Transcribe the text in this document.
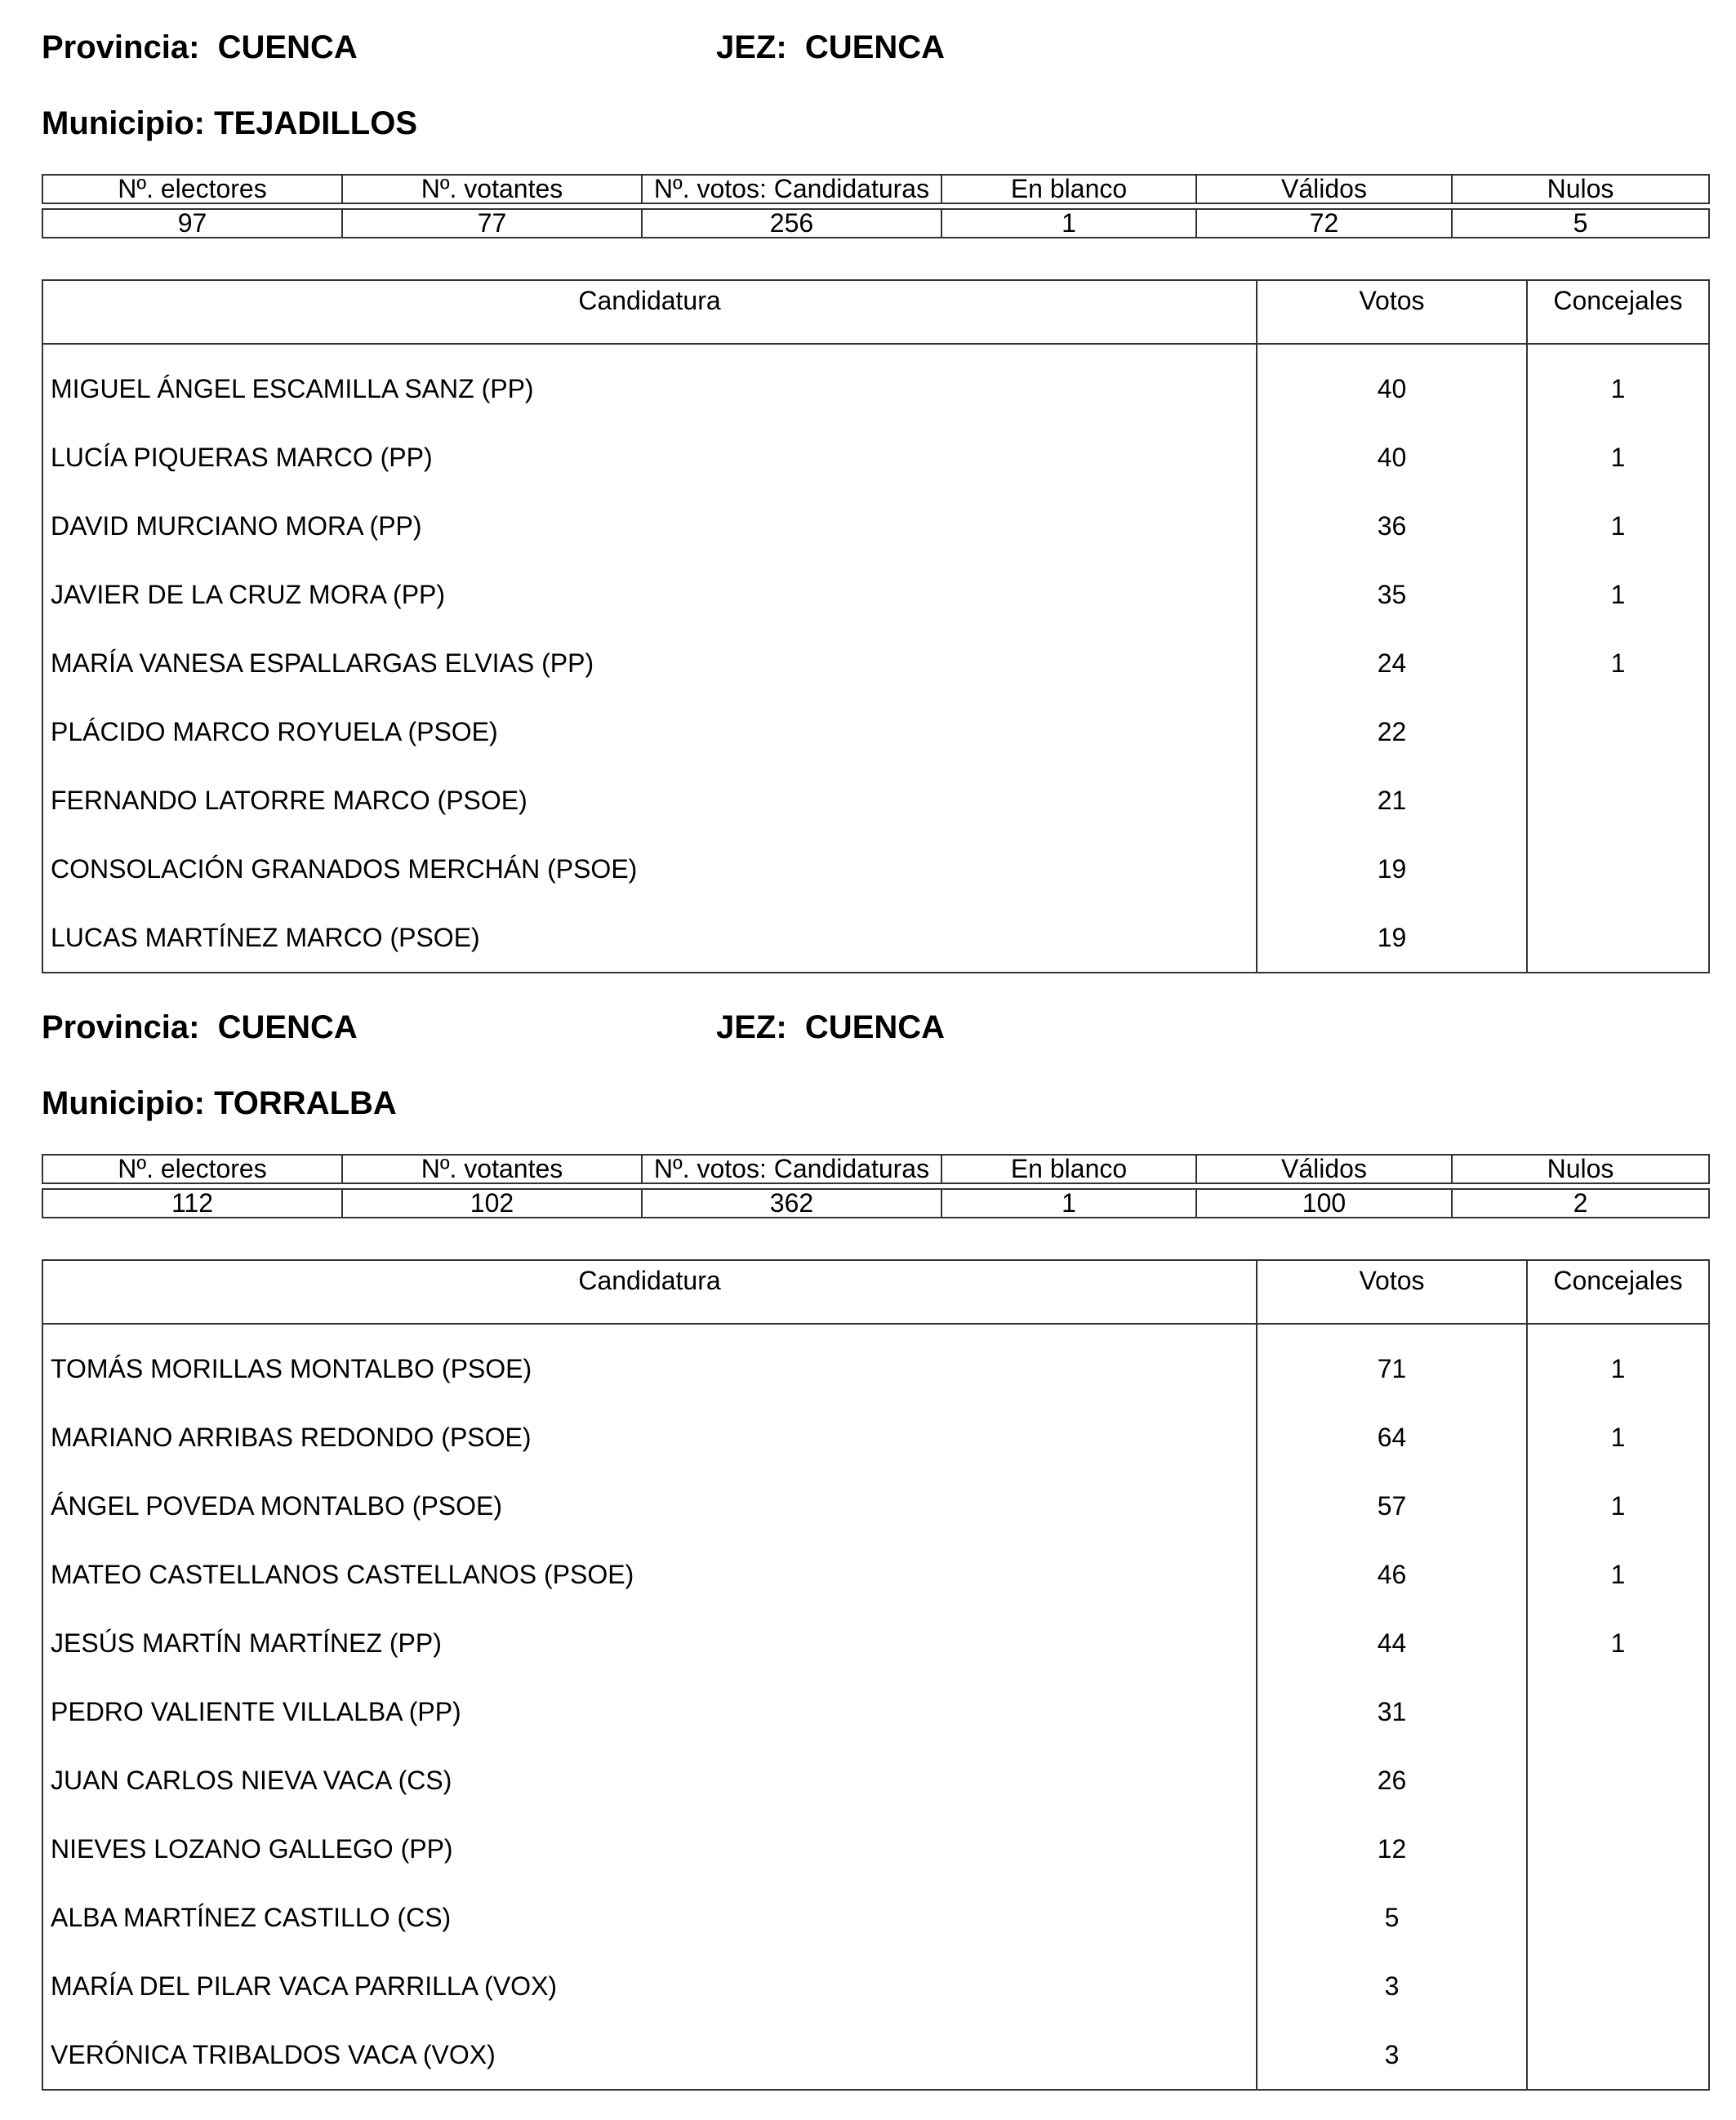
Provincia: CUENCA	JEZ: CUENCA
Municipio: TEJADILLOS
Nº. electores	Nº. votantes	Nº. votos: Candidaturas	En blanco	Válidos	Nulos

97	77	256	1	72	5
Candidatura	Votos	Concejales
MIGUEL ÁNGEL ESCAMILLA SANZ (PP)	40	1
LUCÍA PIQUERAS MARCO (PP)	40	1
DAVID MURCIANO MORA (PP)	36	1
JAVIER DE LA CRUZ MORA (PP)	35	1
MARÍA VANESA ESPALLARGAS ELVIAS (PP)	24	1
PLÁCIDO MARCO ROYUELA (PSOE)	22	
FERNANDO LATORRE MARCO (PSOE)	21	
CONSOLACIÓN GRANADOS MERCHÁN (PSOE)	19	
LUCAS MARTÍNEZ MARCO (PSOE)	19	
Provincia: CUENCA	JEZ: CUENCA
Municipio: TORRALBA
Nº. electores	Nº. votantes	Nº. votos: Candidaturas	En blanco	Válidos	Nulos

112	102	362	1	100	2
Candidatura	Votos	Concejales
TOMÁS MORILLAS MONTALBO (PSOE)	71	1
MARIANO ARRIBAS REDONDO (PSOE)	64	1
ÁNGEL POVEDA MONTALBO (PSOE)	57	1
MATEO CASTELLANOS CASTELLANOS (PSOE)	46	1
JESÚS MARTÍN MARTÍNEZ (PP)	44	1
PEDRO VALIENTE VILLALBA (PP)	31	
JUAN CARLOS NIEVA VACA (CS)	26	
NIEVES LOZANO GALLEGO (PP)	12	
ALBA MARTÍNEZ CASTILLO (CS)	5	
MARÍA DEL PILAR VACA PARRILLA (VOX)	3	
VERÓNICA TRIBALDOS VACA (VOX)	3	
